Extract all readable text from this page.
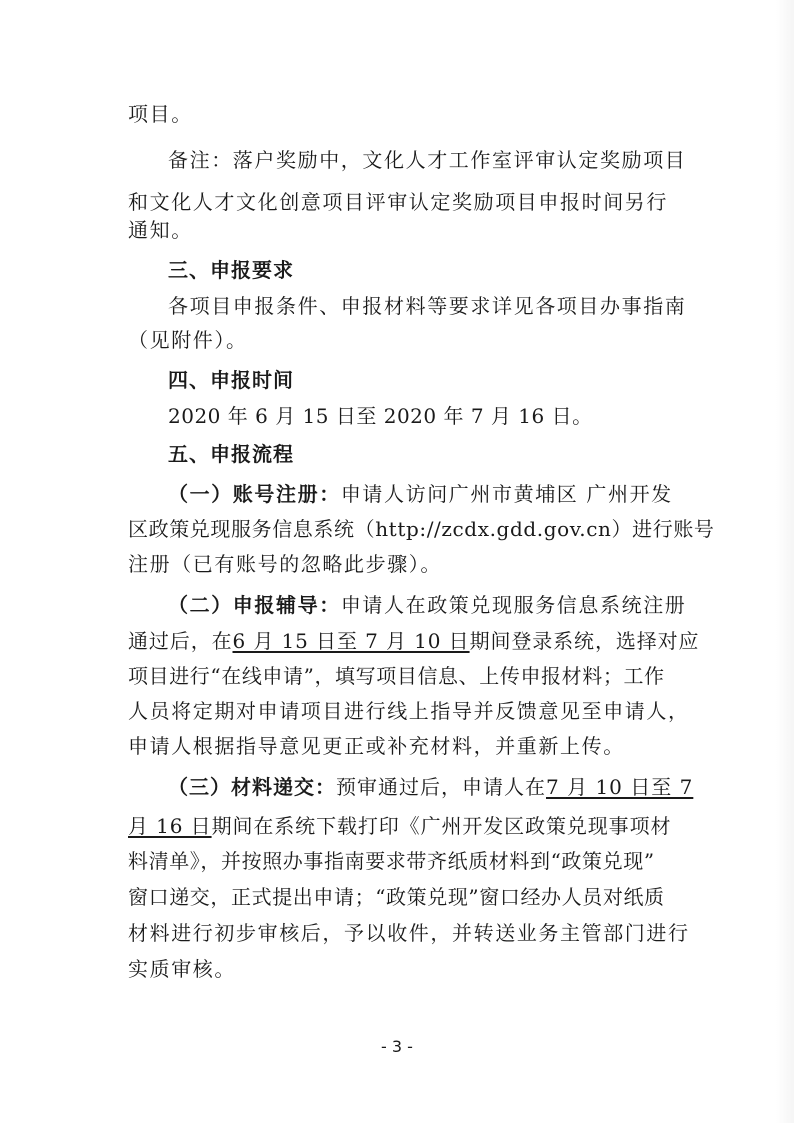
项目。
备注：落户奖励中，文化人才工作室评审认定奖励项目
和文化人才文化创意项目评审认定奖励项目申报时间另行
通知。
三、申报要求
各项目申报条件、申报材料等要求详见各项目办事指南
（见附件）。
四、申报时间
2020 年 6 月 15 日至 2020 年 7 月 16 日。
五、申报流程
（一）账号注册：申请人访问广州市黄埔区 广州开发
区政策兑现服务信息系统（http://zcdx.gdd.gov.cn）进行账号
注册（已有账号的忽略此步骤）。
（二）申报辅导：申请人在政策兑现服务信息系统注册
通过后，在6 月 15 日至 7 月 10 日期间登录系统，选择对应
项目进行“在线申请”，填写项目信息、上传申报材料；工作
人员将定期对申请项目进行线上指导并反馈意见至申请人，
申请人根据指导意见更正或补充材料，并重新上传。
（三）材料递交：预审通过后，申请人在7 月 10 日至 7
月 16 日期间在系统下载打印《广州开发区政策兑现事项材
料清单》，并按照办事指南要求带齐纸质材料到“政策兑现”
窗口递交，正式提出申请；“政策兑现”窗口经办人员对纸质
材料进行初步审核后，予以收件，并转送业务主管部门进行
实质审核。
- 3 -
